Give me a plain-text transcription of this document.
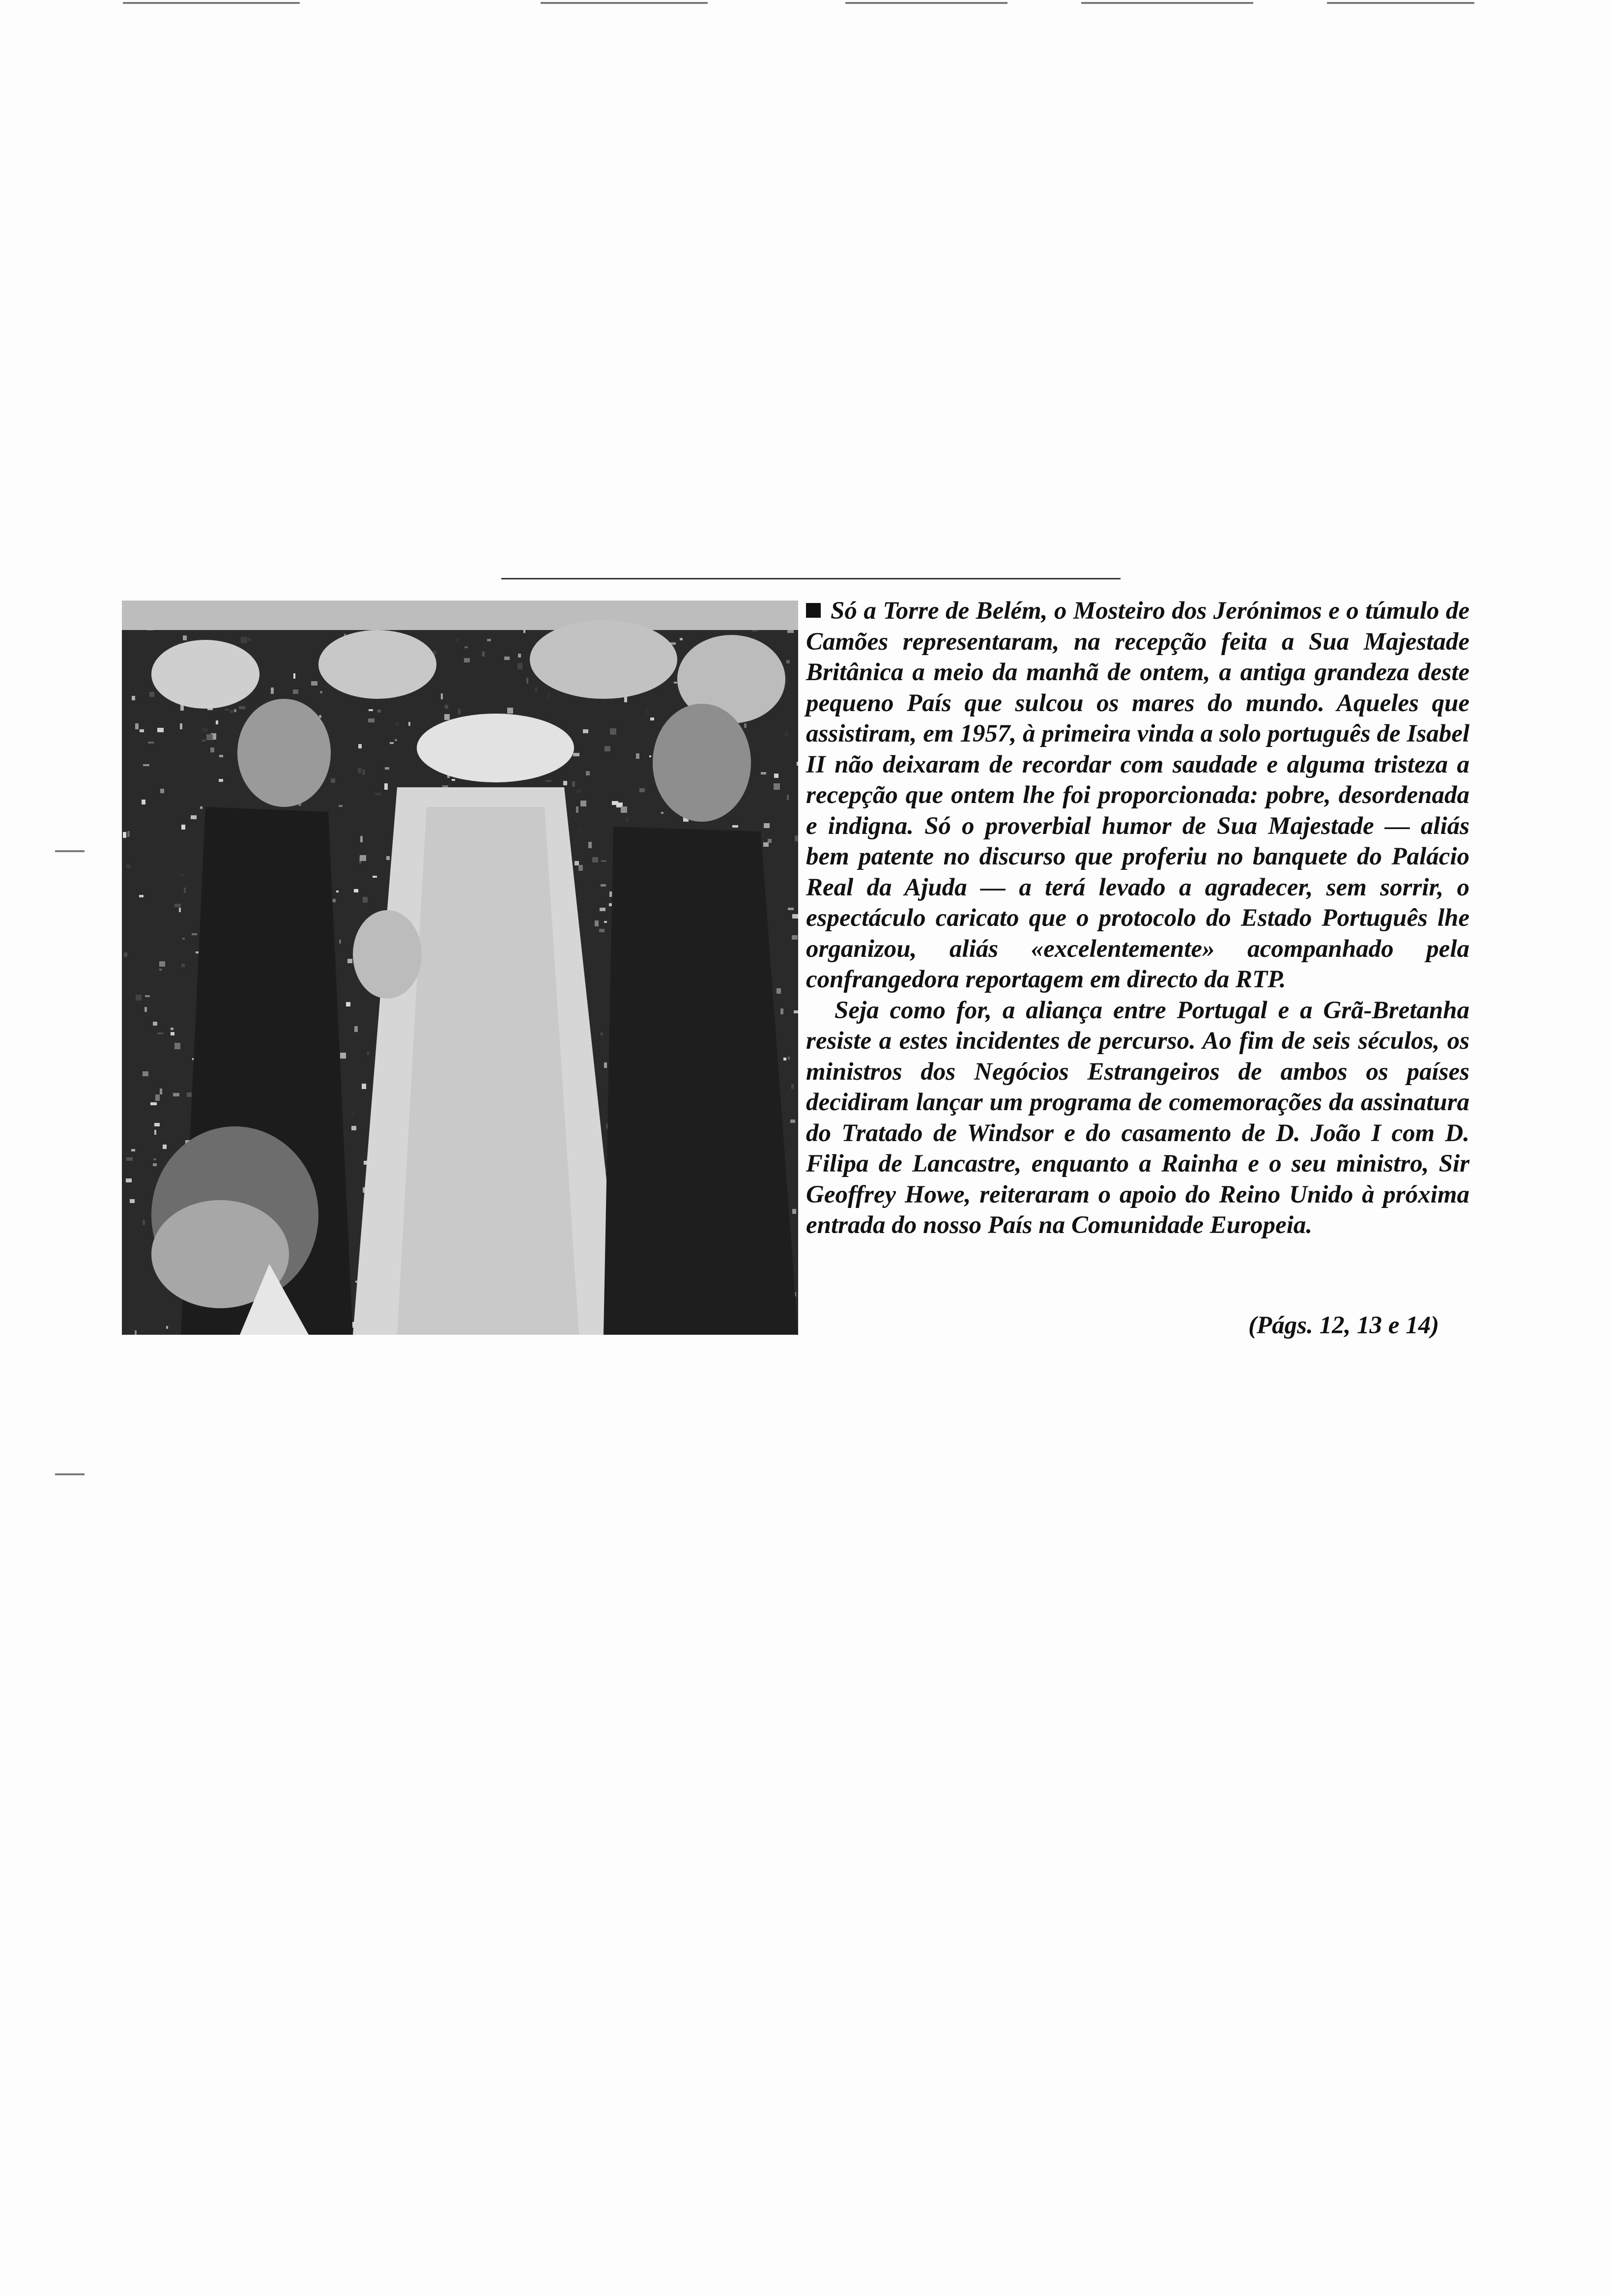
Só a Torre de Belém, o Mosteiro dos Jerónimos e o túmulo de Camões representaram, na recepção feita a Sua Majestade Britânica a meio da manhã de ontem, a antiga grandeza deste pequeno País que sulcou os mares do mundo. Aqueles que assistiram, em 1957, à primeira vinda a solo português de Isabel II não deixaram de recordar com saudade e alguma tristeza a recepção que ontem lhe foi proporcionada: pobre, desordenada e indigna. Só o proverbial humor de Sua Majestade — aliás bem patente no discurso que proferiu no banquete do Palácio Real da Ajuda — a terá levado a agradecer, sem sorrir, o espectáculo caricato que o protocolo do Estado Português lhe organizou, aliás «excelentemente» acompanhado pela confrangedora reportagem em directo da RTP.

Seja como for, a aliança entre Portugal e a Grã-Bretanha resiste a estes incidentes de percurso. Ao fim de seis séculos, os ministros dos Negócios Estrangeiros de ambos os países decidiram lançar um programa de comemorações da assinatura do Tratado de Windsor e do casamento de D. João I com D. Filipa de Lancastre, enquanto a Rainha e o seu ministro, Sir Geoffrey Howe, reiteraram o apoio do Reino Unido à próxima entrada do nosso País na Comunidade Europeia.

(Págs. 12, 13 e 14)
